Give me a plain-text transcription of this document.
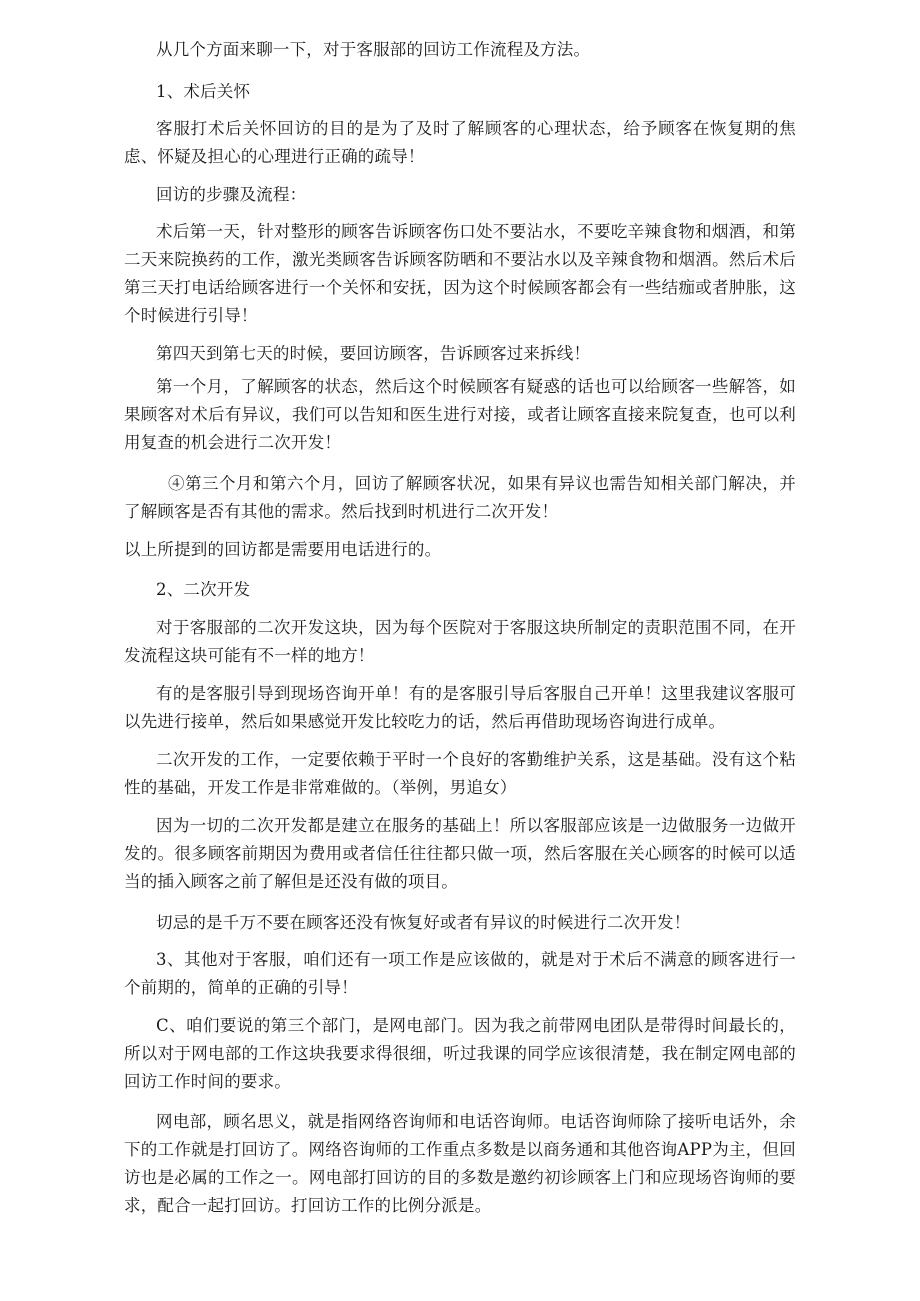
从几个方面来聊一下，对于客服部的回访工作流程及方法。

1、术后关怀

客服打术后关怀回访的目的是为了及时了解顾客的心理状态，给予顾客在恢复期的焦虑、怀疑及担心的心理进行正确的疏导！

回访的步骤及流程：

术后第一天，针对整形的顾客告诉顾客伤口处不要沾水，不要吃辛辣食物和烟酒，和第二天来院换药的工作，激光类顾客告诉顾客防晒和不要沾水以及辛辣食物和烟酒。然后术后第三天打电话给顾客进行一个关怀和安抚，因为这个时候顾客都会有一些结痂或者肿胀，这个时候进行引导！

第四天到第七天的时候，要回访顾客，告诉顾客过来拆线！

第一个月，了解顾客的状态，然后这个时候顾客有疑惑的话也可以给顾客一些解答，如果顾客对术后有异议，我们可以告知和医生进行对接，或者让顾客直接来院复查，也可以利用复查的机会进行二次开发！

④第三个月和第六个月，回访了解顾客状况，如果有异议也需告知相关部门解决，并了解顾客是否有其他的需求。然后找到时机进行二次开发！

以上所提到的回访都是需要用电话进行的。

2、二次开发

对于客服部的二次开发这块，因为每个医院对于客服这块所制定的责职范围不同，在开发流程这块可能有不一样的地方！

有的是客服引导到现场咨询开单！有的是客服引导后客服自己开单！这里我建议客服可以先进行接单，然后如果感觉开发比较吃力的话，然后再借助现场咨询进行成单。

二次开发的工作，一定要依赖于平时一个良好的客勤维护关系，这是基础。没有这个粘性的基础，开发工作是非常难做的。（举例，男追女）

因为一切的二次开发都是建立在服务的基础上！所以客服部应该是一边做服务一边做开发的。很多顾客前期因为费用或者信任往往都只做一项，然后客服在关心顾客的时候可以适当的插入顾客之前了解但是还没有做的项目。

切忌的是千万不要在顾客还没有恢复好或者有异议的时候进行二次开发！

3、其他对于客服，咱们还有一项工作是应该做的，就是对于术后不满意的顾客进行一个前期的，简单的正确的引导！

C、咱们要说的第三个部门，是网电部门。因为我之前带网电团队是带得时间最长的，所以对于网电部的工作这块我要求得很细，听过我课的同学应该很清楚，我在制定网电部的回访工作时间的要求。

网电部，顾名思义，就是指网络咨询师和电话咨询师。电话咨询师除了接听电话外，余下的工作就是打回访了。网络咨询师的工作重点多数是以商务通和其他咨询APP为主，但回访也是必属的工作之一。网电部打回访的目的多数是邀约初诊顾客上门和应现场咨询师的要求，配合一起打回访。打回访工作的比例分派是。
